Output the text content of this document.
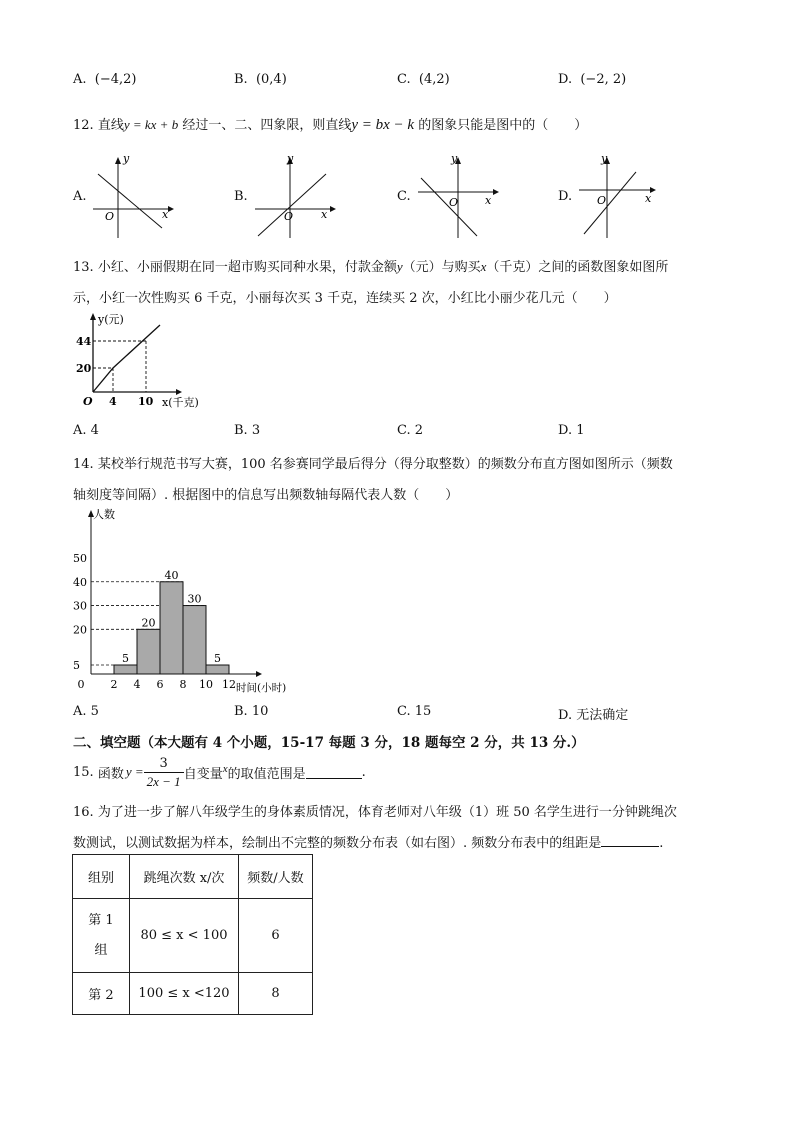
A. (−4,2)	B. (0,4)	C. (4,2)	D. (−2, 2)
12. 直线y = kx + b 经过一、二、四象限，则直线y = bx − k 的图象只能是图中的（　　）
A.
y
x
O
B.
y
x
O
C.
y
x
O	D.
y
x
O
13. 小红、小丽假期在同一超市购买同种水果，付款金额y（元）与购买x（千克）之间的函数图象如图所
示，小红一次性购买 6 千克，小丽每次买 3 千克，连续买 2 次，小红比小丽少花几元（　　）
y(元)
44
20
O 4 10 x(千克)
A. 4	B. 3	C. 2	D. 1
14. 某校举行规范书写大赛，100 名参赛同学最后得分（得分取整数）的频数分布直方图如图所示（频数
轴刻度等间隔）. 根据图中的信息写出频数轴每隔代表人数（　　）
5
20
40
30
5
人数
时间(小时)
0 2 4 6 8 10 12
5
20
30
40
50
A. 5	B. 10	C. 15	D. 无法确定
二、填空题（本大题有 4 个小题，15-17 每题 3 分，18 题每空 2 分，共 13 分.）
15.
函数 $y = \frac{3}{2x - 1}$ 自变量 x 的取值范围是	.
16. 为了进一步了解八年级学生的身体素质情况，体育老师对八年级（1）班 50 名学生进行一分钟跳绳次
数测试，以测试数据为样本，绘制出不完整的频数分布表（如右图）. 频数分布表中的组距是	.
组别	跳绳次数 x/次	频数/人数

第 1
组	80 ≤ x < 100	6
第 2	100 ≤ x <120	8
